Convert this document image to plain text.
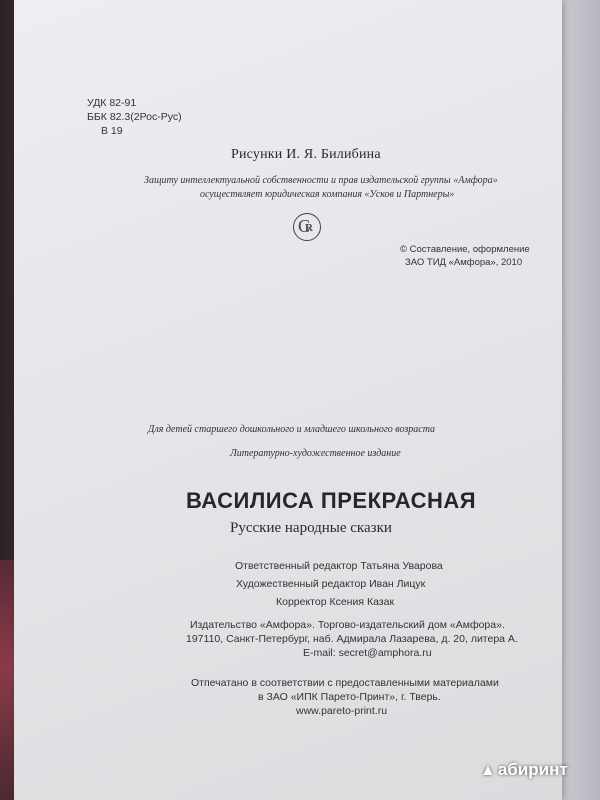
УДК 82-91
ББК 82.3(2Рос-Рус)
В 19
Рисунки И. Я. Билибина
Защиту интеллектуальной собственности и прав издательской группы «Амфора»
осуществляет юридическая компания «Усков и Партнеры»
C R
© Составление, оформление
ЗАО ТИД «Амфора», 2010
Для детей старшего дошкольного и младшего школьного возраста
Литературно-художественное издание
ВАСИЛИСА ПРЕКРАСНАЯ
Русские народные сказки
Ответственный редактор Татьяна Уварова
Художественный редактор Иван Лицук
Корректор Ксения Казак
Издательство «Амфора». Торгово-издательский дом «Амфора».
197110, Санкт-Петербург, наб. Адмирала Лазарева, д. 20, литера А.
E-mail: secret@amphora.ru
Отпечатано в соответствии с предоставленными материалами
в ЗАО «ИПК Парето-Принт», г. Тверь.
www.pareto-print.ru
▲ абиринт
